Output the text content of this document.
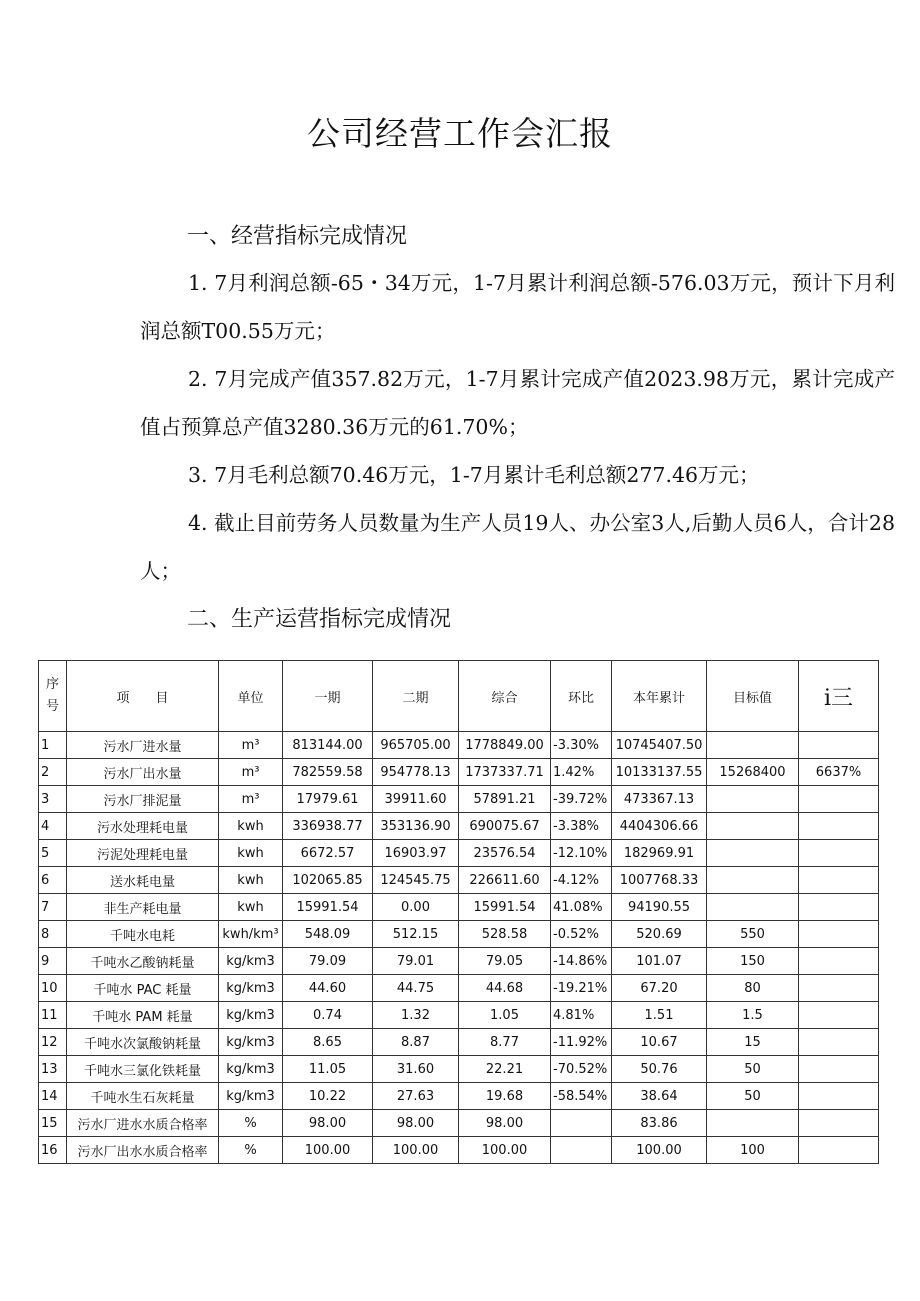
公司经营工作会汇报
一、经营指标完成情况
1. 7月利润总额-65・34万元，1-7月累计利润总额-576.03万元，预计下月利润总额T00.55万元；
2. 7月完成产值357.82万元，1-7月累计完成产值2023.98万元，累计完成产值占预算总产值3280.36万元的61.70%；
3. 7月毛利总额70.46万元，1-7月累计毛利总额277.46万元；
4. 截止目前劳务人员数量为生产人员19人、办公室3人,后勤人员6人，合计28人；
二、生产运营指标完成情况
序号	项　　目	单位	一期	二期	综合	环比	本年累计	目标值	i三
1	污水厂进水量	m³	813144.00	965705.00	1778849.00	-3.30%	10745407.50		
2	污水厂出水量	m³	782559.58	954778.13	1737337.71	1.42%	10133137.55	15268400	6637%
3	污水厂排泥量	m³	17979.61	39911.60	57891.21	-39.72%	473367.13		
4	污水处理耗电量	kwh	336938.77	353136.90	690075.67	-3.38%	4404306.66		
5	污泥处理耗电量	kwh	6672.57	16903.97	23576.54	-12.10%	182969.91		
6	送水耗电量	kwh	102065.85	124545.75	226611.60	-4.12%	1007768.33		
7	非生产耗电量	kwh	15991.54	0.00	15991.54	41.08%	94190.55		
8	千吨水电耗	kwh/km³	548.09	512.15	528.58	-0.52%	520.69	550	
9	千吨水乙酸钠耗量	kg/km3	79.09	79.01	79.05	-14.86%	101.07	150	
10	千吨水 PAC 耗量	kg/km3	44.60	44.75	44.68	-19.21%	67.20	80	
11	千吨水 PAM 耗量	kg/km3	0.74	1.32	1.05	4.81%	1.51	1.5	
12	千吨水次氯酸钠耗量	kg/km3	8.65	8.87	8.77	-11.92%	10.67	15	
13	千吨水三氯化铁耗量	kg/km3	11.05	31.60	22.21	-70.52%	50.76	50	
14	千吨水生石灰耗量	kg/km3	10.22	27.63	19.68	-58.54%	38.64	50	
15	污水厂进水水质合格率	%	98.00	98.00	98.00		83.86		
16	污水厂出水水质合格率	%	100.00	100.00	100.00		100.00	100	
